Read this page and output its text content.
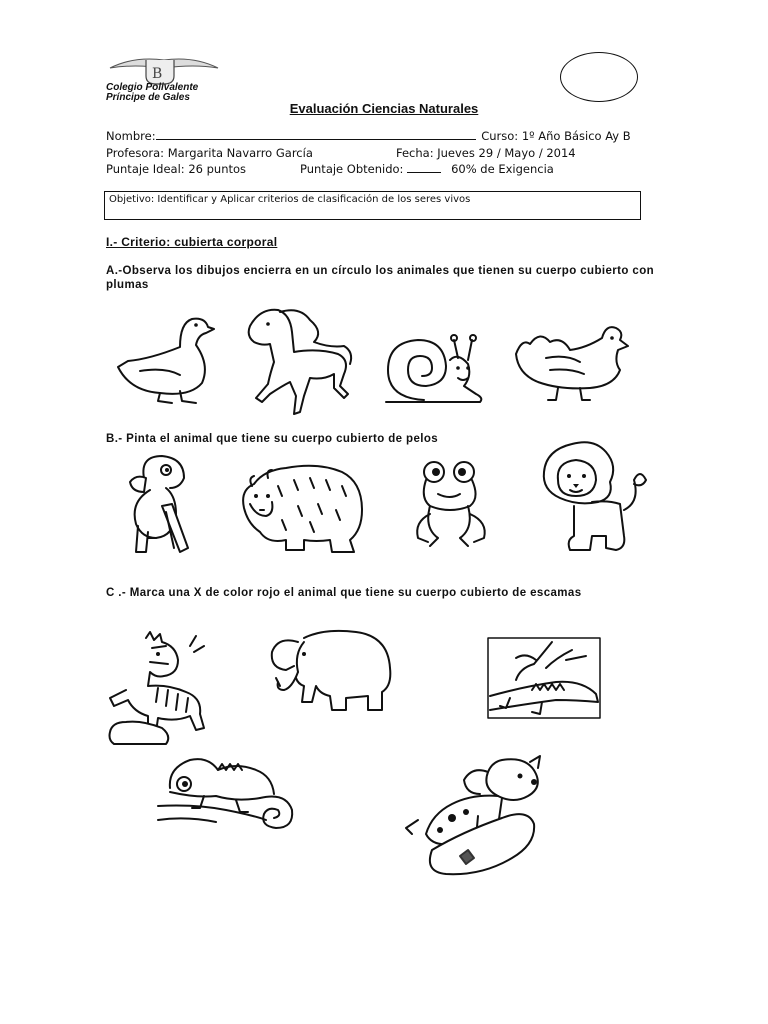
B
Colegio Polivalente
Príncipe de Gales
Evaluación Ciencias Naturales
Nombre:	Curso: 1º Año Básico Ay B
Profesora: Margarita Navarro García	Fecha: Jueves 29 / Mayo / 2014
Puntaje Ideal: 26 puntos	Puntaje Obtenido:	60% de Exigencia
Objetivo: Identificar y Aplicar criterios de clasificación de los seres vivos
I.- Criterio: cubierta corporal
A.-Observa los dibujos encierra en un círculo los animales que tienen su cuerpo cubierto con plumas
B.- Pinta el animal que tiene su cuerpo cubierto de pelos
C .- Marca una X de color rojo el animal que tiene su cuerpo cubierto de escamas
